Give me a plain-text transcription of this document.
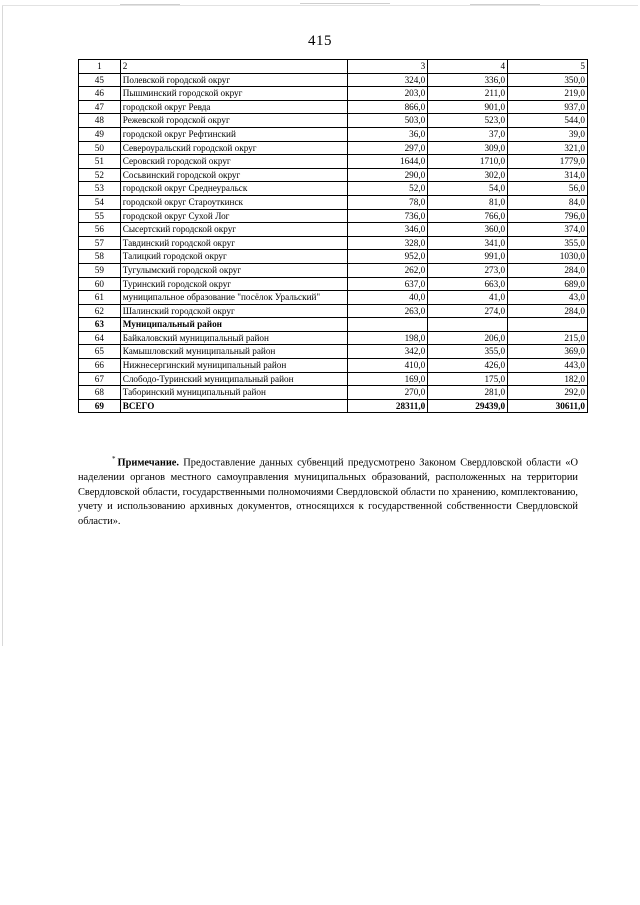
415
1	2	3	4	5
45	Полевской городской округ	324,0	336,0	350,0
46	Пышминский городской округ	203,0	211,0	219,0
47	городской округ Ревда	866,0	901,0	937,0
48	Режевской городской округ	503,0	523,0	544,0
49	городской округ Рефтинский	36,0	37,0	39,0
50	Североуральский городской округ	297,0	309,0	321,0
51	Серовский городской округ	1644,0	1710,0	1779,0
52	Сосьвинский городской округ	290,0	302,0	314,0
53	городской округ Среднеуральск	52,0	54,0	56,0
54	городской округ Староуткинск	78,0	81,0	84,0
55	городской округ Сухой Лог	736,0	766,0	796,0
56	Сысертский городской округ	346,0	360,0	374,0
57	Тавдинский городской округ	328,0	341,0	355,0
58	Талицкий городской округ	952,0	991,0	1030,0
59	Тугулымский городской округ	262,0	273,0	284,0
60	Туринский городской округ	637,0	663,0	689,0
61	муниципальное образование "посёлок Уральский"	40,0	41,0	43,0
62	Шалинский городской округ	263,0	274,0	284,0
63	Муниципальный район			
64	Байкаловский муниципальный район	198,0	206,0	215,0
65	Камышловский муниципальный район	342,0	355,0	369,0
66	Нижнесергинский муниципальный район	410,0	426,0	443,0
67	Слободо-Туринский муниципальный район	169,0	175,0	182,0
68	Таборинский муниципальный район	270,0	281,0	292,0
69	ВСЕГО	28311,0	29439,0	30611,0

* Примечание. Предоставление данных субвенций предусмотрено Законом Свердловской области «О наделении органов местного самоуправления муниципальных образований, расположенных на территории Свердловской области, государственными полномочиями Свердловской области по хранению, комплектованию, учету и использованию архивных документов, относящихся к государственной собственности Свердловской области».
